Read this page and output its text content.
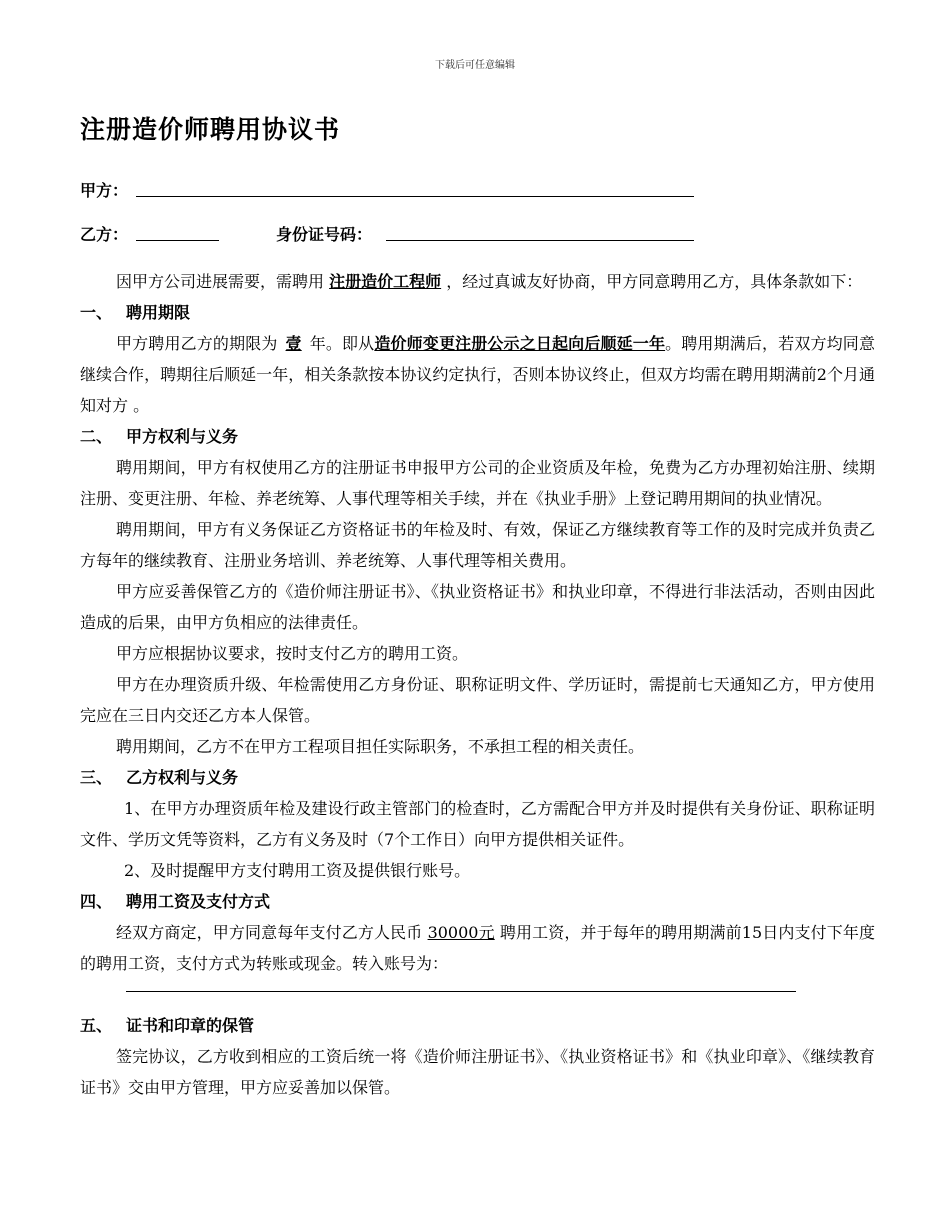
下载后可任意编辑
注册造价师聘用协议书
甲方：
乙方：	身份证号码：

因甲方公司进展需要，需聘用 注册造价工程师 ，经过真诚友好协商，甲方同意聘用乙方，具体条款如下：

一、 聘用期限

甲方聘用乙方的期限为 壹 年。即从造价师变更注册公示之日起向后顺延一年。聘用期满后，若双方均同意继续合作，聘期往后顺延一年，相关条款按本协议约定执行，否则本协议终止，但双方均需在聘用期满前2个月通知对方 。

二、 甲方权利与义务

聘用期间，甲方有权使用乙方的注册证书申报甲方公司的企业资质及年检，免费为乙方办理初始注册、续期注册、变更注册、年检、养老统筹、人事代理等相关手续，并在《执业手册》上登记聘用期间的执业情况。

聘用期间，甲方有义务保证乙方资格证书的年检及时、有效，保证乙方继续教育等工作的及时完成并负责乙方每年的继续教育、注册业务培训、养老统筹、人事代理等相关费用。

甲方应妥善保管乙方的《造价师注册证书》、《执业资格证书》和执业印章，不得进行非法活动，否则由因此造成的后果，由甲方负相应的法律责任。

甲方应根据协议要求，按时支付乙方的聘用工资。

甲方在办理资质升级、年检需使用乙方身份证、职称证明文件、学历证时，需提前七天通知乙方，甲方使用完应在三日内交还乙方本人保管。

聘用期间，乙方不在甲方工程项目担任实际职务，不承担工程的相关责任。

三、 乙方权利与义务

1、在甲方办理资质年检及建设行政主管部门的检查时，乙方需配合甲方并及时提供有关身份证、职称证明文件、学历文凭等资料，乙方有义务及时（7个工作日）向甲方提供相关证件。

2、及时提醒甲方支付聘用工资及提供银行账号。

四、 聘用工资及支付方式

经双方商定，甲方同意每年支付乙方人民币 30000元 聘用工资，并于每年的聘用期满前15日内支付下年度的聘用工资，支付方式为转账或现金。转入账号为：

五、 证书和印章的保管

签完协议，乙方收到相应的工资后统一将《造价师注册证书》、《执业资格证书》和《执业印章》、《继续教育证书》交由甲方管理，甲方应妥善加以保管。
